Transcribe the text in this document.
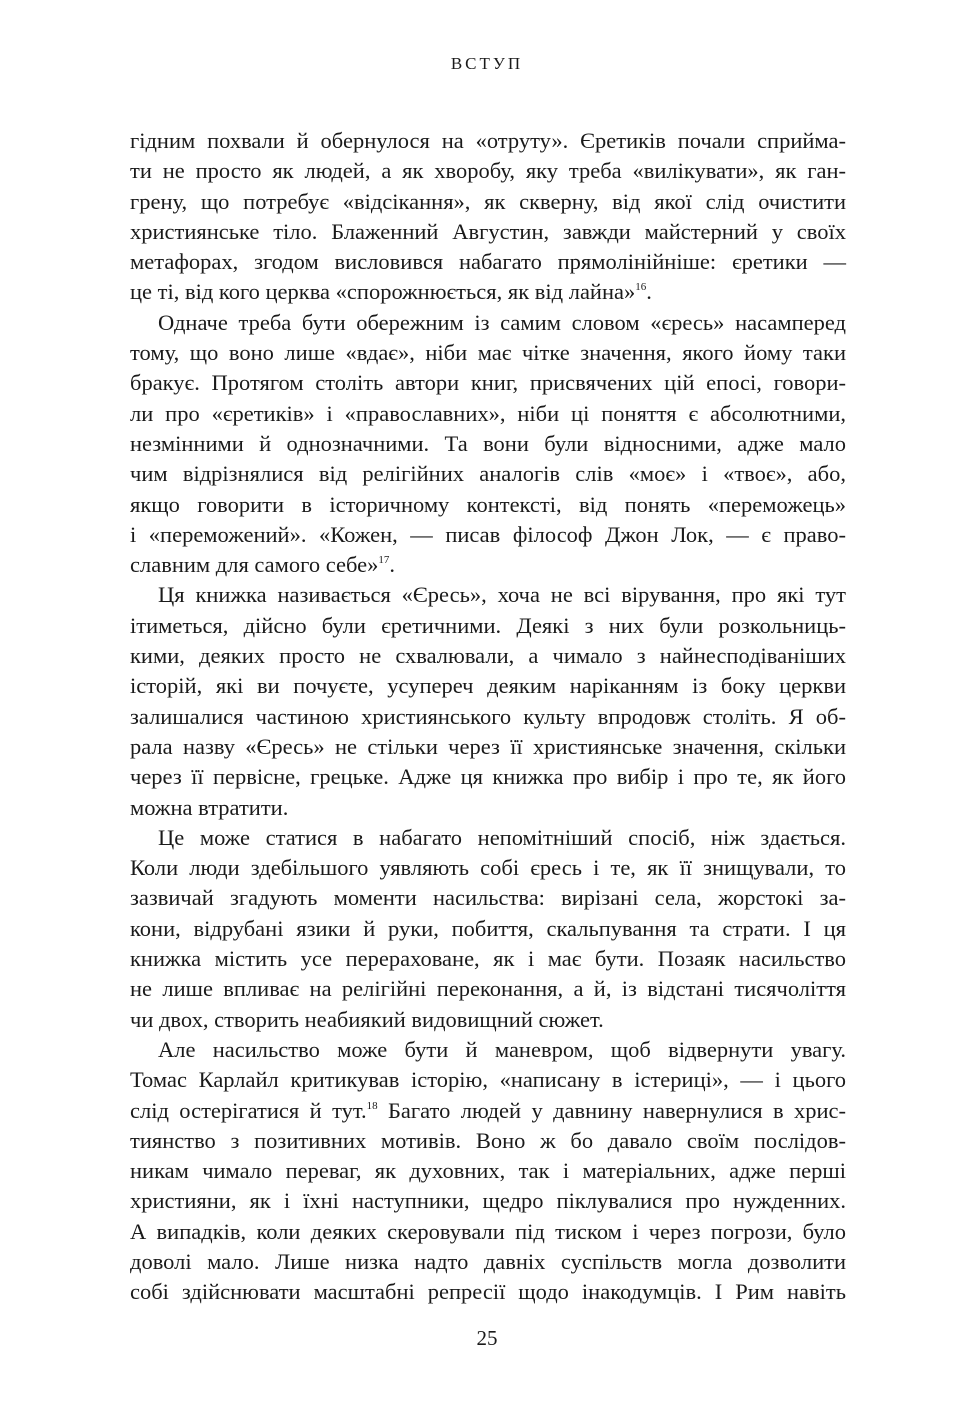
ВСТУП
гідним похвали й обернулося на «отруту». Єретиків почали сприйма-
ти не просто як людей, а як хворобу, яку треба «вилікувати», як ган-
грену, що потребує «відсікання», як скверну, від якої слід очистити
християнське тіло. Блаженний Августин, завжди майстерний у своїх
метафорах, згодом висловився набагато прямолінійніше: єретики —
це ті, від кого церква «спорожнюється, як від лайна»$^{16}$.
Одначе треба бути обережним із самим словом «єресь» насамперед
тому, що воно лише «вдає», ніби має чітке значення, якого йому таки
бракує. Протягом століть автори книг, присвячених цій епосі, говори-
ли про «єретиків» і «православних», ніби ці поняття є абсолютними,
незмінними й однозначними. Та вони були відносними, адже мало
чим відрізнялися від релігійних аналогів слів «моє» і «твоє», або,
якщо говорити в історичному контексті, від понять «переможець»
і «переможений». «Кожен, — писав філософ Джон Лок, — є право-
славним для самого себе»$^{17}$.
Ця книжка називається «Єресь», хоча не всі вірування, про які тут
ітиметься, дійсно були єретичними. Деякі з них були розкольниць-
кими, деяких просто не схвалювали, а чимало з найнесподіваніших
історій, які ви почуєте, усупереч деяким наріканням із боку церкви
залишалися частиною християнського культу впродовж століть. Я об-
рала назву «Єресь» не стільки через її християнське значення, скільки
через її первісне, грецьке. Адже ця книжка про вибір і про те, як його
можна втратити.
Це може статися в набагато непомітніший спосіб, ніж здається.
Коли люди здебільшого уявляють собі єресь і те, як її знищували, то
зазвичай згадують моменти насильства: вирізані села, жорстокі за-
кони, відрубані язики й руки, побиття, скальпування та страти. І ця
книжка містить усе перераховане, як і має бути. Позаяк насильство
не лише впливає на релігійні переконання, а й, із відстані тисячоліття
чи двох, створить неабиякий видовищний сюжет.
Але насильство може бути й маневром, щоб відвернути увагу.
Томас Карлайл критикував історію, «написану в істериці», — і цього
слід остерігатися й тут.$^{18}$ Багато людей у давнину навернулися в хрис-
тиянство з позитивних мотивів. Воно ж бо давало своїм послідов-
никам чимало переваг, як духовних, так і матеріальних, адже перші
християни, як і їхні наступники, щедро піклувалися про нужденних.
А випадків, коли деяких скеровували під тиском і через погрози, було
доволі мало. Лише низка надто давніх суспільств могла дозволити
собі здійснювати масштабні репресії щодо інакодумців. І Рим навіть
25
